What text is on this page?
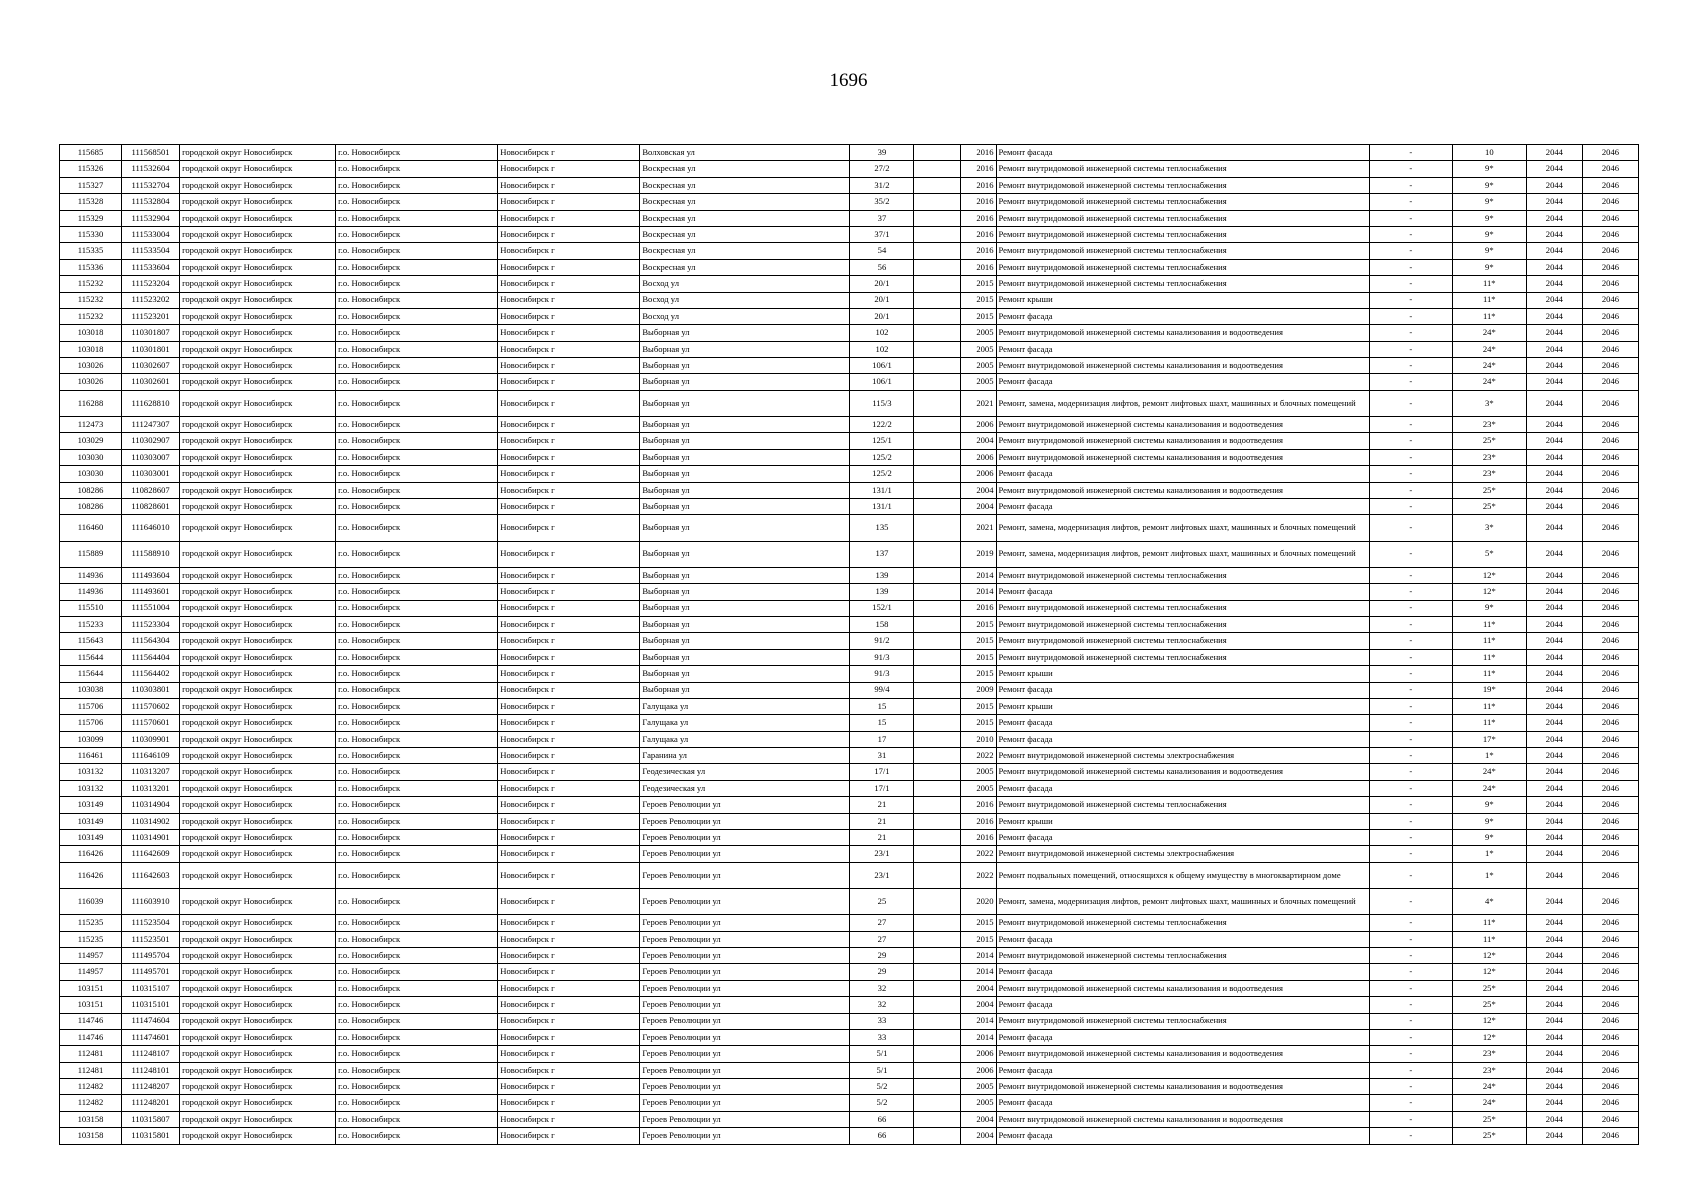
1696
115685	111568501	городской округ Новосибирск	г.о. Новосибирск	Новосибирск г	Волховская ул	39		2016	Ремонт фасада	-	10	2044	2046
115326	111532604	городской округ Новосибирск	г.о. Новосибирск	Новосибирск г	Воскресная ул	27/2		2016	Ремонт внутридомовой инженерной системы теплоснабжения	-	9*	2044	2046
115327	111532704	городской округ Новосибирск	г.о. Новосибирск	Новосибирск г	Воскресная ул	31/2		2016	Ремонт внутридомовой инженерной системы теплоснабжения	-	9*	2044	2046
115328	111532804	городской округ Новосибирск	г.о. Новосибирск	Новосибирск г	Воскресная ул	35/2		2016	Ремонт внутридомовой инженерной системы теплоснабжения	-	9*	2044	2046
115329	111532904	городской округ Новосибирск	г.о. Новосибирск	Новосибирск г	Воскресная ул	37		2016	Ремонт внутридомовой инженерной системы теплоснабжения	-	9*	2044	2046
115330	111533004	городской округ Новосибирск	г.о. Новосибирск	Новосибирск г	Воскресная ул	37/1		2016	Ремонт внутридомовой инженерной системы теплоснабжения	-	9*	2044	2046
115335	111533504	городской округ Новосибирск	г.о. Новосибирск	Новосибирск г	Воскресная ул	54		2016	Ремонт внутридомовой инженерной системы теплоснабжения	-	9*	2044	2046
115336	111533604	городской округ Новосибирск	г.о. Новосибирск	Новосибирск г	Воскресная ул	56		2016	Ремонт внутридомовой инженерной системы теплоснабжения	-	9*	2044	2046
115232	111523204	городской округ Новосибирск	г.о. Новосибирск	Новосибирск г	Восход ул	20/1		2015	Ремонт внутридомовой инженерной системы теплоснабжения	-	11*	2044	2046
115232	111523202	городской округ Новосибирск	г.о. Новосибирск	Новосибирск г	Восход ул	20/1		2015	Ремонт крыши	-	11*	2044	2046
115232	111523201	городской округ Новосибирск	г.о. Новосибирск	Новосибирск г	Восход ул	20/1		2015	Ремонт фасада	-	11*	2044	2046
103018	110301807	городской округ Новосибирск	г.о. Новосибирск	Новосибирск г	Выборная ул	102		2005	Ремонт внутридомовой инженерной системы канализования и водоотведения	-	24*	2044	2046
103018	110301801	городской округ Новосибирск	г.о. Новосибирск	Новосибирск г	Выборная ул	102		2005	Ремонт фасада	-	24*	2044	2046
103026	110302607	городской округ Новосибирск	г.о. Новосибирск	Новосибирск г	Выборная ул	106/1		2005	Ремонт внутридомовой инженерной системы канализования и водоотведения	-	24*	2044	2046
103026	110302601	городской округ Новосибирск	г.о. Новосибирск	Новосибирск г	Выборная ул	106/1		2005	Ремонт фасада	-	24*	2044	2046
116288	111628810	городской округ Новосибирск	г.о. Новосибирск	Новосибирск г	Выборная ул	115/3		2021	Ремонт, замена, модернизация лифтов, ремонт лифтовых шахт, машинных и блочных помещений	-	3*	2044	2046
112473	111247307	городской округ Новосибирск	г.о. Новосибирск	Новосибирск г	Выборная ул	122/2		2006	Ремонт внутридомовой инженерной системы канализования и водоотведения	-	23*	2044	2046
103029	110302907	городской округ Новосибирск	г.о. Новосибирск	Новосибирск г	Выборная ул	125/1		2004	Ремонт внутридомовой инженерной системы канализования и водоотведения	-	25*	2044	2046
103030	110303007	городской округ Новосибирск	г.о. Новосибирск	Новосибирск г	Выборная ул	125/2		2006	Ремонт внутридомовой инженерной системы канализования и водоотведения	-	23*	2044	2046
103030	110303001	городской округ Новосибирск	г.о. Новосибирск	Новосибирск г	Выборная ул	125/2		2006	Ремонт фасада	-	23*	2044	2046
108286	110828607	городской округ Новосибирск	г.о. Новосибирск	Новосибирск г	Выборная ул	131/1		2004	Ремонт внутридомовой инженерной системы канализования и водоотведения	-	25*	2044	2046
108286	110828601	городской округ Новосибирск	г.о. Новосибирск	Новосибирск г	Выборная ул	131/1		2004	Ремонт фасада	-	25*	2044	2046
116460	111646010	городской округ Новосибирск	г.о. Новосибирск	Новосибирск г	Выборная ул	135		2021	Ремонт, замена, модернизация лифтов, ремонт лифтовых шахт, машинных и блочных помещений	-	3*	2044	2046
115889	111588910	городской округ Новосибирск	г.о. Новосибирск	Новосибирск г	Выборная ул	137		2019	Ремонт, замена, модернизация лифтов, ремонт лифтовых шахт, машинных и блочных помещений	-	5*	2044	2046
114936	111493604	городской округ Новосибирск	г.о. Новосибирск	Новосибирск г	Выборная ул	139		2014	Ремонт внутридомовой инженерной системы теплоснабжения	-	12*	2044	2046
114936	111493601	городской округ Новосибирск	г.о. Новосибирск	Новосибирск г	Выборная ул	139		2014	Ремонт фасада	-	12*	2044	2046
115510	111551004	городской округ Новосибирск	г.о. Новосибирск	Новосибирск г	Выборная ул	152/1		2016	Ремонт внутридомовой инженерной системы теплоснабжения	-	9*	2044	2046
115233	111523304	городской округ Новосибирск	г.о. Новосибирск	Новосибирск г	Выборная ул	158		2015	Ремонт внутридомовой инженерной системы теплоснабжения	-	11*	2044	2046
115643	111564304	городской округ Новосибирск	г.о. Новосибирск	Новосибирск г	Выборная ул	91/2		2015	Ремонт внутридомовой инженерной системы теплоснабжения	-	11*	2044	2046
115644	111564404	городской округ Новосибирск	г.о. Новосибирск	Новосибирск г	Выборная ул	91/3		2015	Ремонт внутридомовой инженерной системы теплоснабжения	-	11*	2044	2046
115644	111564402	городской округ Новосибирск	г.о. Новосибирск	Новосибирск г	Выборная ул	91/3		2015	Ремонт крыши	-	11*	2044	2046
103038	110303801	городской округ Новосибирск	г.о. Новосибирск	Новосибирск г	Выборная ул	99/4		2009	Ремонт фасада	-	19*	2044	2046
115706	111570602	городской округ Новосибирск	г.о. Новосибирск	Новосибирск г	Галущака ул	15		2015	Ремонт крыши	-	11*	2044	2046
115706	111570601	городской округ Новосибирск	г.о. Новосибирск	Новосибирск г	Галущака ул	15		2015	Ремонт фасада	-	11*	2044	2046
103099	110309901	городской округ Новосибирск	г.о. Новосибирск	Новосибирск г	Галущака ул	17		2010	Ремонт фасада	-	17*	2044	2046
116461	111646109	городской округ Новосибирск	г.о. Новосибирск	Новосибирск г	Гаранина ул	31		2022	Ремонт внутридомовой инженерной системы электроснабжения	-	1*	2044	2046
103132	110313207	городской округ Новосибирск	г.о. Новосибирск	Новосибирск г	Геодезическая ул	17/1		2005	Ремонт внутридомовой инженерной системы канализования и водоотведения	-	24*	2044	2046
103132	110313201	городской округ Новосибирск	г.о. Новосибирск	Новосибирск г	Геодезическая ул	17/1		2005	Ремонт фасада	-	24*	2044	2046
103149	110314904	городской округ Новосибирск	г.о. Новосибирск	Новосибирск г	Героев Революции ул	21		2016	Ремонт внутридомовой инженерной системы теплоснабжения	-	9*	2044	2046
103149	110314902	городской округ Новосибирск	г.о. Новосибирск	Новосибирск г	Героев Революции ул	21		2016	Ремонт крыши	-	9*	2044	2046
103149	110314901	городской округ Новосибирск	г.о. Новосибирск	Новосибирск г	Героев Революции ул	21		2016	Ремонт фасада	-	9*	2044	2046
116426	111642609	городской округ Новосибирск	г.о. Новосибирск	Новосибирск г	Героев Революции ул	23/1		2022	Ремонт внутридомовой инженерной системы электроснабжения	-	1*	2044	2046
116426	111642603	городской округ Новосибирск	г.о. Новосибирск	Новосибирск г	Героев Революции ул	23/1		2022	Ремонт подвальных помещений, относящихся к общему имуществу в многоквартирном доме	-	1*	2044	2046
116039	111603910	городской округ Новосибирск	г.о. Новосибирск	Новосибирск г	Героев Революции ул	25		2020	Ремонт, замена, модернизация лифтов, ремонт лифтовых шахт, машинных и блочных помещений	-	4*	2044	2046
115235	111523504	городской округ Новосибирск	г.о. Новосибирск	Новосибирск г	Героев Революции ул	27		2015	Ремонт внутридомовой инженерной системы теплоснабжения	-	11*	2044	2046
115235	111523501	городской округ Новосибирск	г.о. Новосибирск	Новосибирск г	Героев Революции ул	27		2015	Ремонт фасада	-	11*	2044	2046
114957	111495704	городской округ Новосибирск	г.о. Новосибирск	Новосибирск г	Героев Революции ул	29		2014	Ремонт внутридомовой инженерной системы теплоснабжения	-	12*	2044	2046
114957	111495701	городской округ Новосибирск	г.о. Новосибирск	Новосибирск г	Героев Революции ул	29		2014	Ремонт фасада	-	12*	2044	2046
103151	110315107	городской округ Новосибирск	г.о. Новосибирск	Новосибирск г	Героев Революции ул	32		2004	Ремонт внутридомовой инженерной системы канализования и водоотведения	-	25*	2044	2046
103151	110315101	городской округ Новосибирск	г.о. Новосибирск	Новосибирск г	Героев Революции ул	32		2004	Ремонт фасада	-	25*	2044	2046
114746	111474604	городской округ Новосибирск	г.о. Новосибирск	Новосибирск г	Героев Революции ул	33		2014	Ремонт внутридомовой инженерной системы теплоснабжения	-	12*	2044	2046
114746	111474601	городской округ Новосибирск	г.о. Новосибирск	Новосибирск г	Героев Революции ул	33		2014	Ремонт фасада	-	12*	2044	2046
112481	111248107	городской округ Новосибирск	г.о. Новосибирск	Новосибирск г	Героев Революции ул	5/1		2006	Ремонт внутридомовой инженерной системы канализования и водоотведения	-	23*	2044	2046
112481	111248101	городской округ Новосибирск	г.о. Новосибирск	Новосибирск г	Героев Революции ул	5/1		2006	Ремонт фасада	-	23*	2044	2046
112482	111248207	городской округ Новосибирск	г.о. Новосибирск	Новосибирск г	Героев Революции ул	5/2		2005	Ремонт внутридомовой инженерной системы канализования и водоотведения	-	24*	2044	2046
112482	111248201	городской округ Новосибирск	г.о. Новосибирск	Новосибирск г	Героев Революции ул	5/2		2005	Ремонт фасада	-	24*	2044	2046
103158	110315807	городской округ Новосибирск	г.о. Новосибирск	Новосибирск г	Героев Революции ул	66		2004	Ремонт внутридомовой инженерной системы канализования и водоотведения	-	25*	2044	2046
103158	110315801	городской округ Новосибирск	г.о. Новосибирск	Новосибирск г	Героев Революции ул	66		2004	Ремонт фасада	-	25*	2044	2046
